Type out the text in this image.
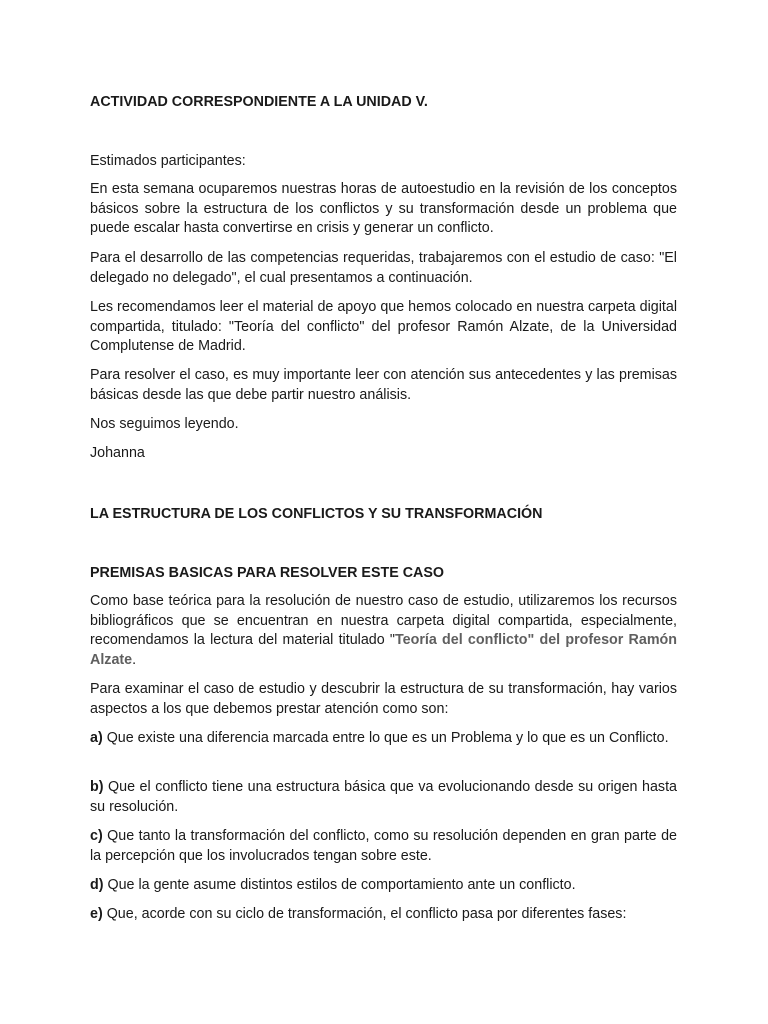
ACTIVIDAD CORRESPONDIENTE A LA UNIDAD V.

Estimados participantes:

En esta semana ocuparemos nuestras horas de autoestudio en la revisión de los conceptos básicos sobre la estructura de los conflictos y su transformación desde un problema que puede escalar hasta convertirse en crisis y generar un conflicto.

Para el desarrollo de las competencias requeridas, trabajaremos con el estudio de caso: "El delegado no delegado", el cual presentamos a continuación.

Les recomendamos leer el material de apoyo que hemos colocado en nuestra carpeta digital compartida, titulado: "Teoría del conflicto" del profesor Ramón Alzate, de la Universidad Complutense de Madrid.

Para resolver el caso, es muy importante leer con atención sus antecedentes y las premisas básicas desde las que debe partir nuestro análisis.

Nos seguimos leyendo.

Johanna

LA ESTRUCTURA DE LOS CONFLICTOS Y SU TRANSFORMACIÓN

PREMISAS BASICAS PARA RESOLVER ESTE CASO

Como base teórica para la resolución de nuestro caso de estudio, utilizaremos los recursos bibliográficos que se encuentran en nuestra carpeta digital compartida, especialmente, recomendamos la lectura del material titulado "Teoría del conflicto" del profesor Ramón Alzate.

Para examinar el caso de estudio y descubrir la estructura de su transformación, hay varios aspectos a los que debemos prestar atención como son:

a) Que existe una diferencia marcada entre lo que es un Problema y lo que es un Conflicto.

b) Que el conflicto tiene una estructura básica que va evolucionando desde su origen hasta su resolución.

c) Que tanto la transformación del conflicto, como su resolución dependen en gran parte de la percepción que los involucrados tengan sobre este.

d) Que la gente asume distintos estilos de comportamiento ante un conflicto.

e) Que, acorde con su ciclo de transformación, el conflicto pasa por diferentes fases:
